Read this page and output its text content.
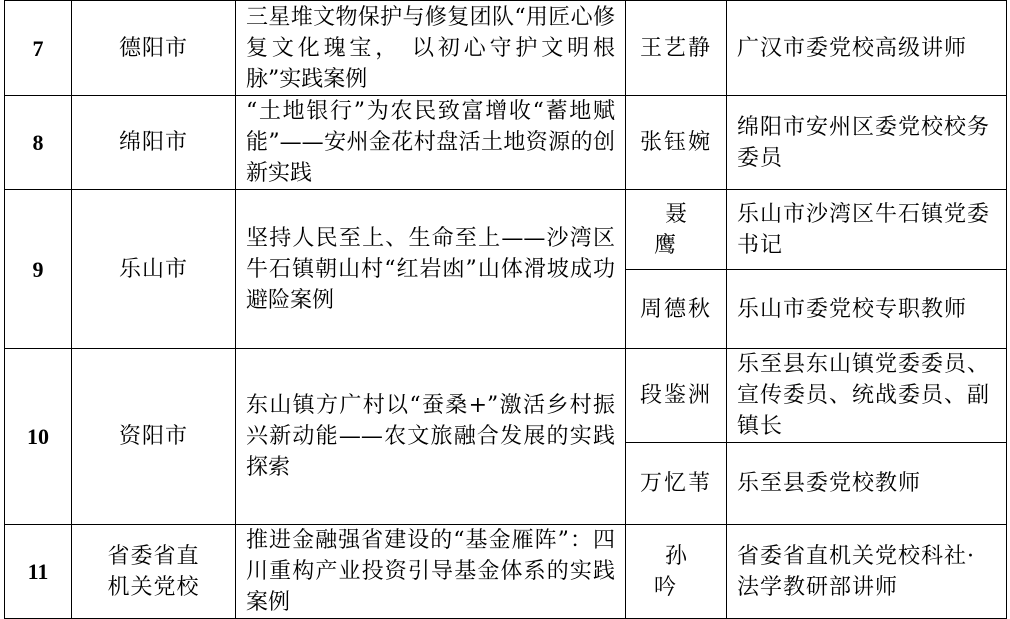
7	德阳市	三星堆文物保护与修复团队“用匠心修复文化瑰宝， 以初心守护文明根脉”实践案例	王艺静	广汉市委党校高级讲师
8	绵阳市	“土地银行”为农民致富增收“蓄地赋能”——安州金花村盘活土地资源的创新实践	张钰婉	绵阳市安州区委党校校务委员
9	乐山市	坚持人民至上、生命至上——沙湾区牛石镇朝山村“红岩凼”山体滑坡成功避险案例	聂 鹰	乐山市沙湾区牛石镇党委书记
			周德秋	乐山市委党校专职教师
10	资阳市	东山镇方广村以“蚕桑+”激活乡村振兴新动能——农文旅融合发展的实践探索	段鉴洲	乐至县东山镇党委委员、宣传委员、统战委员、副镇长
			万忆苇	乐至县委党校教师
11	省委省直机关党校	推进金融强省建设的“基金雁阵”：四川重构产业投资引导基金体系的实践案例	孙 吟	省委省直机关党校科社·法学教研部讲师
